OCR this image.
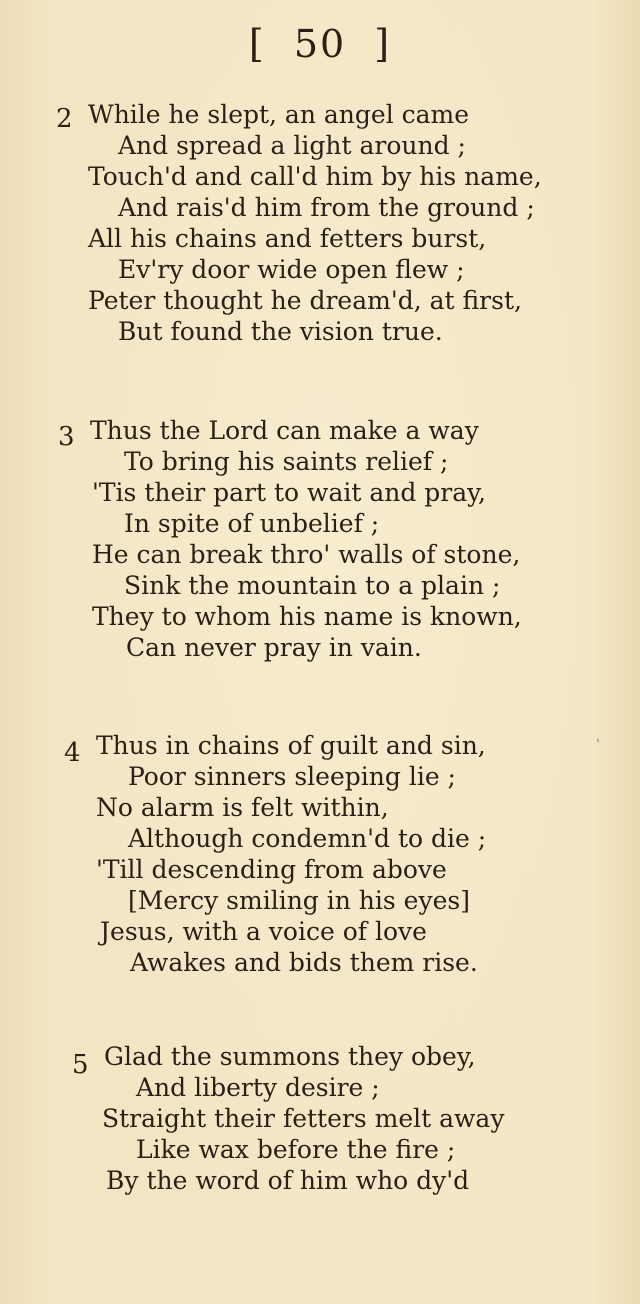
[ 50 ]
2 While he slept, an angel came
And spread a light around ;
Touch'd and call'd him by his name,
And rais'd him from the ground ;
All his chains and fetters burst,
Ev'ry door wide open flew ;
Peter thought he dream'd, at first,
But found the vision true.
3 Thus the Lord can make a way
To bring his saints relief ;
'Tis their part to wait and pray,
In spite of unbelief ;
He can break thro' walls of stone,
Sink the mountain to a plain ;
They to whom his name is known,
Can never pray in vain.
4 Thus in chains of guilt and sin,
Poor sinners sleeping lie ;
No alarm is felt within,
Although condemn'd to die ;
'Till descending from above
[Mercy smiling in his eyes]
Jesus, with a voice of love
Awakes and bids them rise.
5 Glad the summons they obey,
And liberty desire ;
Straight their fetters melt away
Like wax before the fire ;
By the word of him who dy'd
ˋ
